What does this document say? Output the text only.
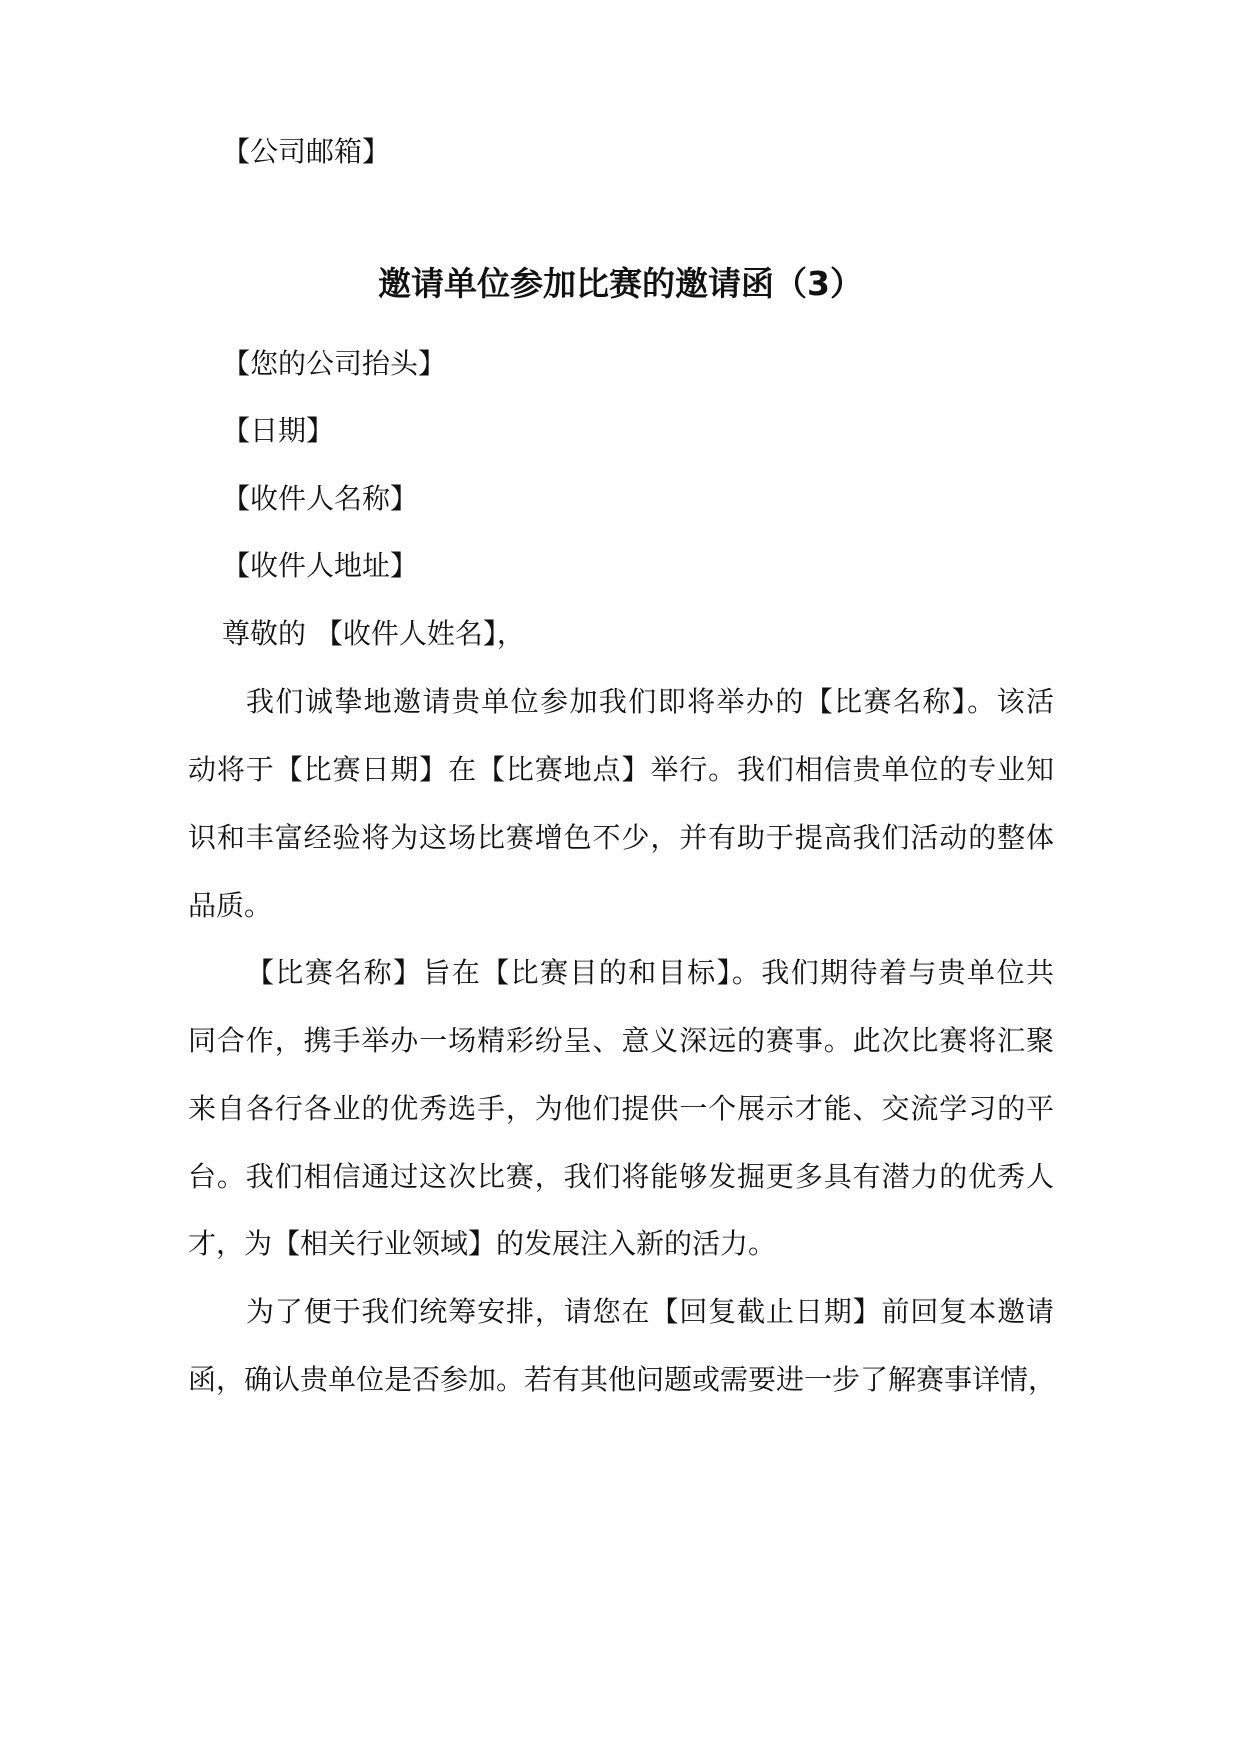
【公司邮箱】
邀请单位参加比赛的邀请函（3）
【您的公司抬头】
【日期】
【收件人名称】
【收件人地址】
尊敬的 【收件人姓名】，
我们诚挚地邀请贵单位参加我们即将举办的【比赛名称】。该活
动将于【比赛日期】在【比赛地点】举行。我们相信贵单位的专业知
识和丰富经验将为这场比赛增色不少，并有助于提高我们活动的整体
品质。
【比赛名称】旨在【比赛目的和目标】。我们期待着与贵单位共
同合作，携手举办一场精彩纷呈、意义深远的赛事。此次比赛将汇聚
来自各行各业的优秀选手，为他们提供一个展示才能、交流学习的平
台。我们相信通过这次比赛，我们将能够发掘更多具有潜力的优秀人
才，为【相关行业领域】的发展注入新的活力。
为了便于我们统筹安排，请您在【回复截止日期】前回复本邀请
函，确认贵单位是否参加。若有其他问题或需要进一步了解赛事详情，
